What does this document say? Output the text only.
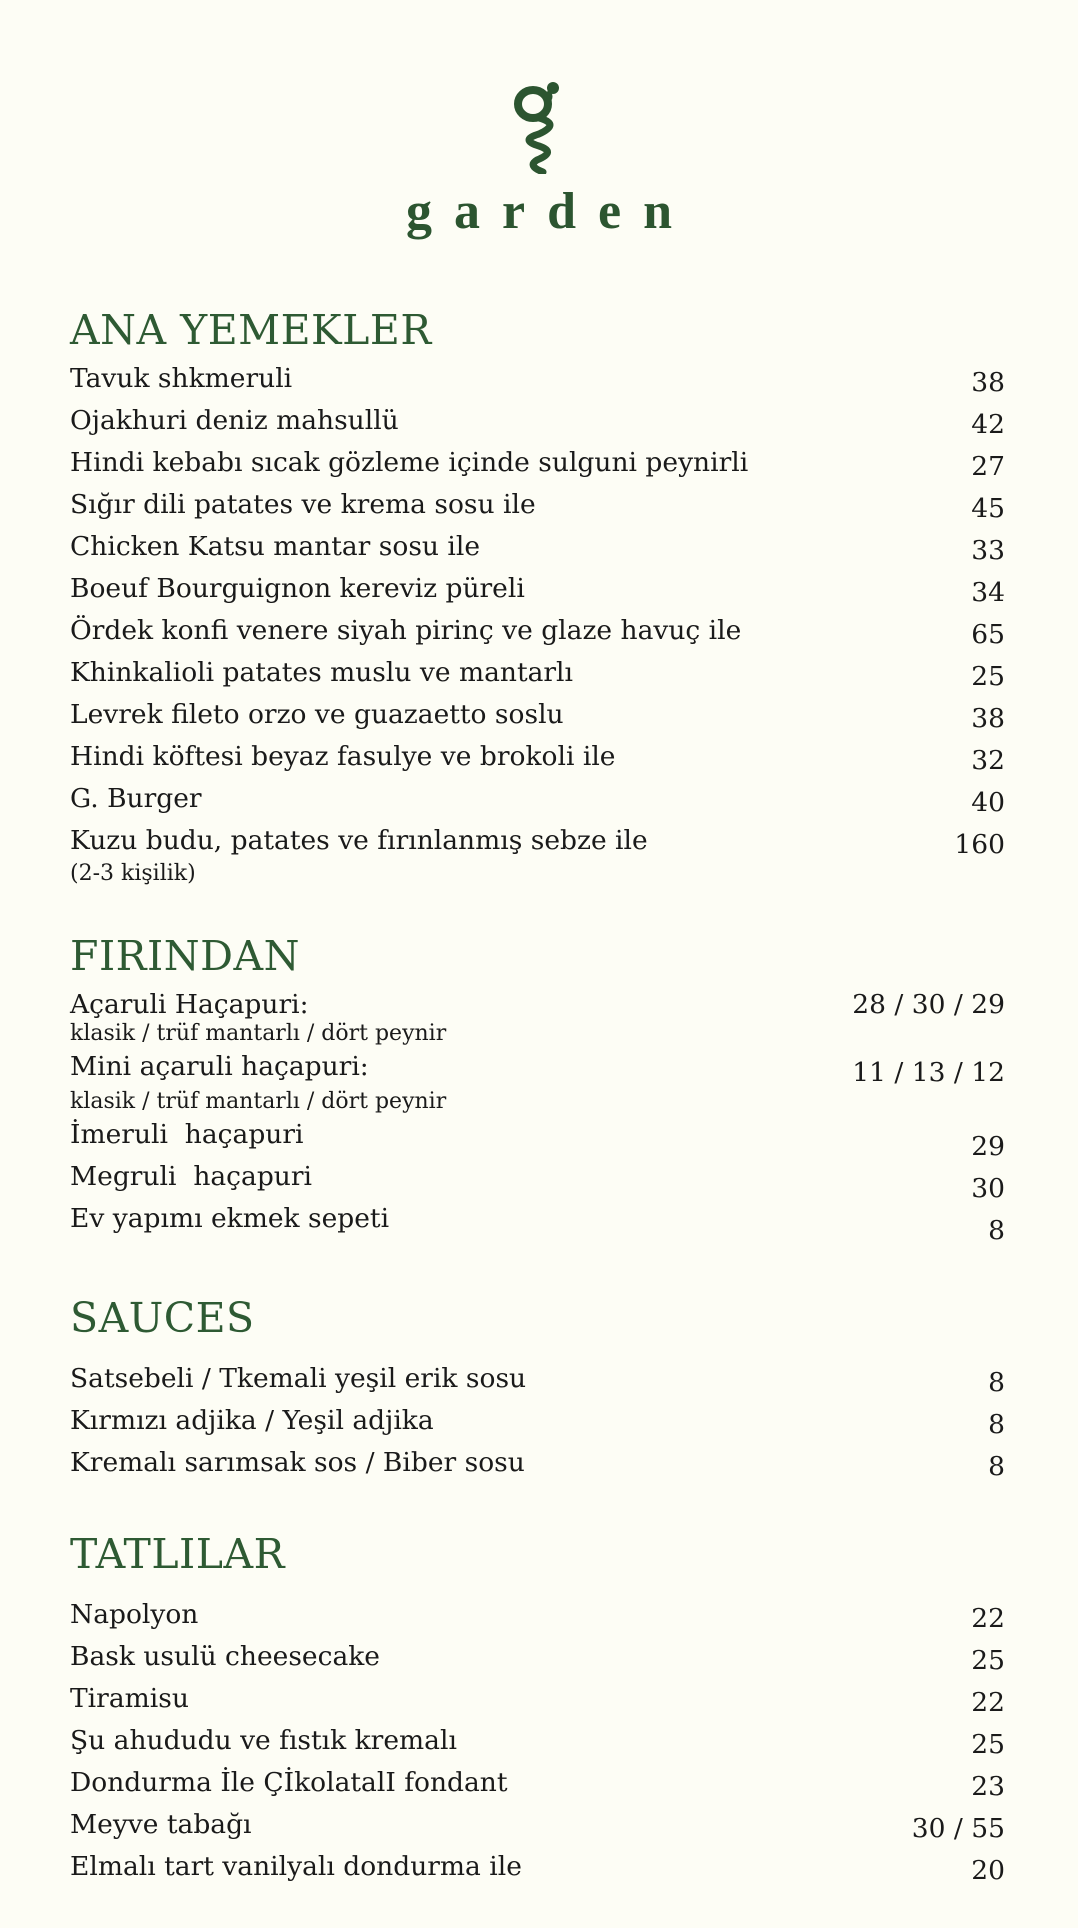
garden
ANA YEMEKLER
Tavuk shkmeruli	38
Ojakhuri deniz mahsullü	42
Hindi kebabı sıcak gözleme içinde sulguni peynirli	27
Sığır dili patates ve krema sosu ile	45
Chicken Katsu mantar sosu ile	33
Boeuf Bourguignon kereviz püreli	34
Ördek konfi venere siyah pirinç ve glaze havuç ile	65
Khinkalioli patates muslu ve mantarlı	25
Levrek fileto orzo ve guazaetto soslu	38
Hindi köftesi beyaz fasulye ve brokoli ile	32
G. Burger	40
Kuzu budu, patates ve fırınlanmış sebze ile	160
(2-3 kişilik)
FIRINDAN
Açaruli Haçapuri:	28 / 30 / 29
klasik / trüf mantarlı / dört peynir
Mini açaruli haçapuri:	11 / 13 / 12
klasik / trüf mantarlı / dört peynir
İmeruli  haçapuri	29
Megruli  haçapuri	30
Ev yapımı ekmek sepeti	8
SAUCES
Satsebeli / Tkemali yeşil erik sosu	8
Kırmızı adjika / Yeşil adjika	8
Kremalı sarımsak sos / Biber sosu	8
TATLILAR
Napolyon	22
Bask usulü cheesecake	25
Tiramisu	22
Şu ahududu ve fıstık kremalı	25
Dondurma İle ÇİkolatalI fondant	23
Meyve tabağı	30 / 55
Elmalı tart vanilyalı dondurma ile	20
